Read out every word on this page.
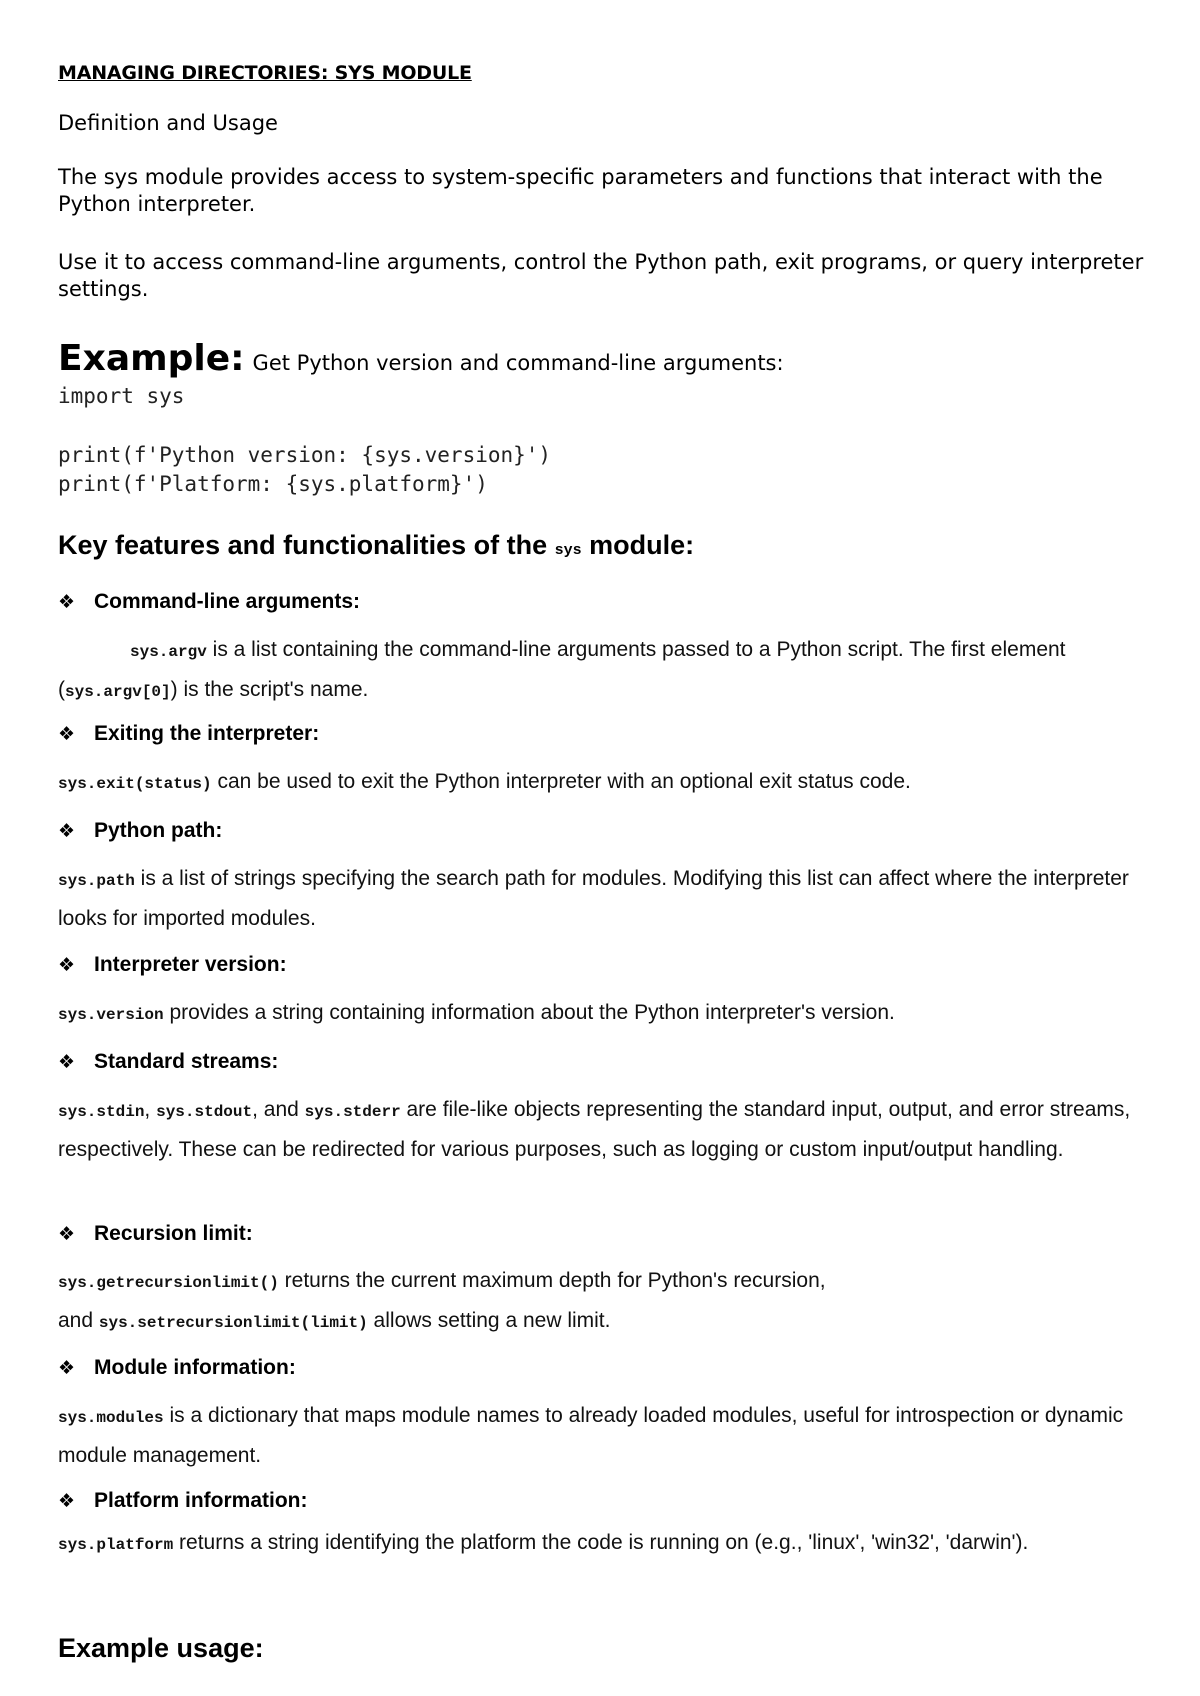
MANAGING DIRECTORIES: SYS MODULE
Definition and Usage
The sys module provides access to system-specific parameters and functions that interact with the Python interpreter.
Use it to access command-line arguments, control the Python path, exit programs, or query interpreter settings.
Example: Get Python version and command-line arguments:
import sys
print(f'Python version: {sys.version}')
print(f'Platform: {sys.platform}')
Key features and functionalities of the sys module:
❖ Command-line arguments:
sys.argv is a list containing the command-line arguments passed to a Python script. The first element (sys.argv[0]) is the script's name.
❖ Exiting the interpreter:
sys.exit(status) can be used to exit the Python interpreter with an optional exit status code.
❖ Python path:
sys.path is a list of strings specifying the search path for modules. Modifying this list can affect where the interpreter looks for imported modules.
❖ Interpreter version:
sys.version provides a string containing information about the Python interpreter's version.
❖ Standard streams:
sys.stdin, sys.stdout, and sys.stderr are file-like objects representing the standard input, output, and error streams, respectively. These can be redirected for various purposes, such as logging or custom input/output handling.
❖ Recursion limit:
sys.getrecursionlimit() returns the current maximum depth for Python's recursion,
and sys.setrecursionlimit(limit) allows setting a new limit.
❖ Module information:
sys.modules is a dictionary that maps module names to already loaded modules, useful for introspection or dynamic module management.
❖ Platform information:
sys.platform returns a string identifying the platform the code is running on (e.g., 'linux', 'win32', 'darwin').
Example usage:
